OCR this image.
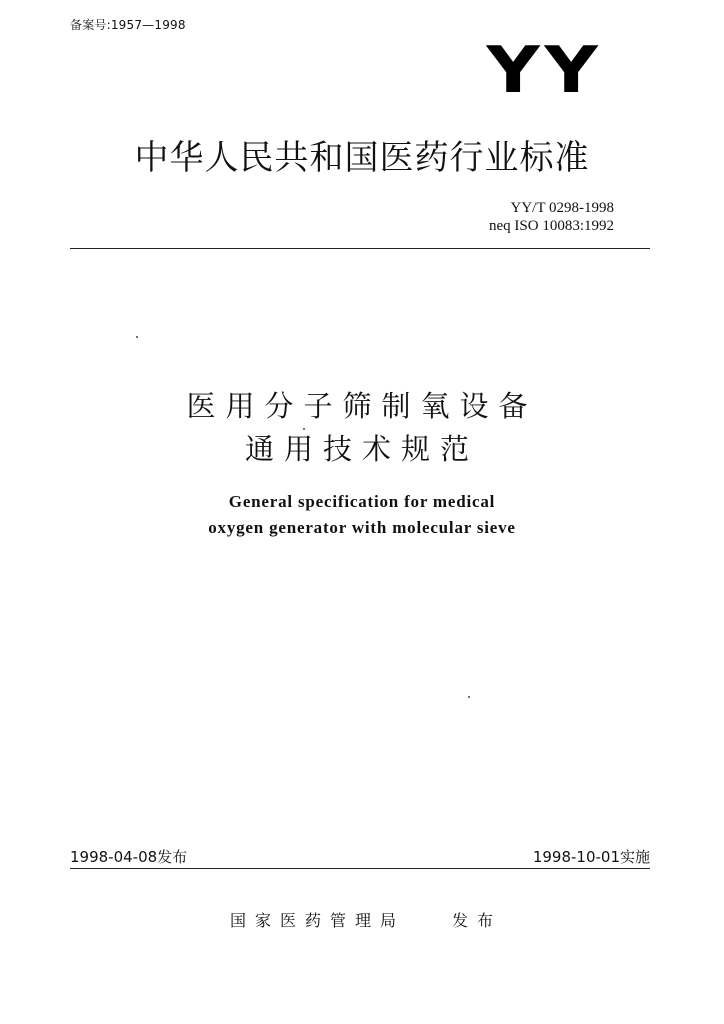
备案号:1957—1998
Y Y
中华人民共和国医药行业标准
YY/T 0298-1998
neq ISO 10083:1992
医用分子筛制氧设备
通用技术规范
General specification for medical
oxygen generator with molecular sieve
1998-04-08发布	1998-10-01实施
国家医药管理局	发布
